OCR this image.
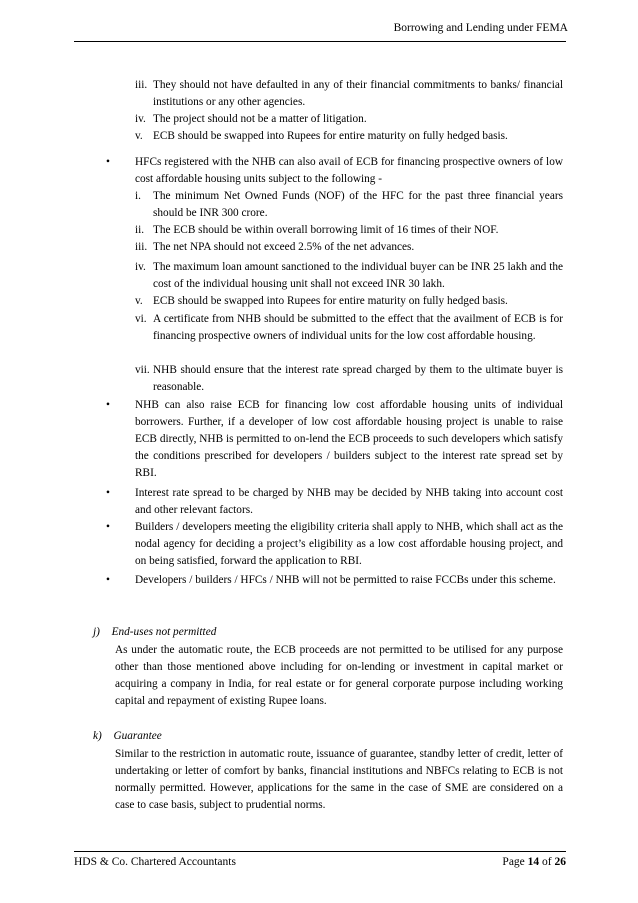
Borrowing and Lending under FEMA
iii. They should not have defaulted in any of their financial commitments to banks/ financial institutions or any other agencies.
iv. The project should not be a matter of litigation.
v. ECB should be swapped into Rupees for entire maturity on fully hedged basis.
•	HFCs registered with the NHB can also avail of ECB for financing prospective owners of low cost affordable housing units subject to the following -
i. The minimum Net Owned Funds (NOF) of the HFC for the past three financial years should be INR 300 crore.
ii. The ECB should be within overall borrowing limit of 16 times of their NOF.
iii. The net NPA should not exceed 2.5% of the net advances.
iv. The maximum loan amount sanctioned to the individual buyer can be INR 25 lakh and the cost of the individual housing unit shall not exceed INR 30 lakh.
v. ECB should be swapped into Rupees for entire maturity on fully hedged basis.
vi. A certificate from NHB should be submitted to the effect that the availment of ECB is for financing prospective owners of individual units for the low cost affordable housing.
vii. NHB should ensure that the interest rate spread charged by them to the ultimate buyer is reasonable.
•	NHB can also raise ECB for financing low cost affordable housing units of individual borrowers. Further, if a developer of low cost affordable housing project is unable to raise ECB directly, NHB is permitted to on-lend the ECB proceeds to such developers which satisfy the conditions prescribed for developers / builders subject to the interest rate spread set by RBI.
•	Interest rate spread to be charged by NHB may be decided by NHB taking into account cost and other relevant factors.
•	Builders / developers meeting the eligibility criteria shall apply to NHB, which shall act as the nodal agency for deciding a project’s eligibility as a low cost affordable housing project, and on being satisfied, forward the application to RBI.
•	Developers / builders / HFCs / NHB will not be permitted to raise FCCBs under this scheme.
j) End-uses not permitted
As under the automatic route, the ECB proceeds are not permitted to be utilised for any purpose other than those mentioned above including for on-lending or investment in capital market or acquiring a company in India, for real estate or for general corporate purpose including working capital and repayment of existing Rupee loans.
k) Guarantee
Similar to the restriction in automatic route, issuance of guarantee, standby letter of credit, letter of undertaking or letter of comfort by banks, financial institutions and NBFCs relating to ECB is not normally permitted. However, applications for the same in the case of SME are considered on a case to case basis, subject to prudential norms.
HDS & Co. Chartered Accountants	Page 14 of 26
